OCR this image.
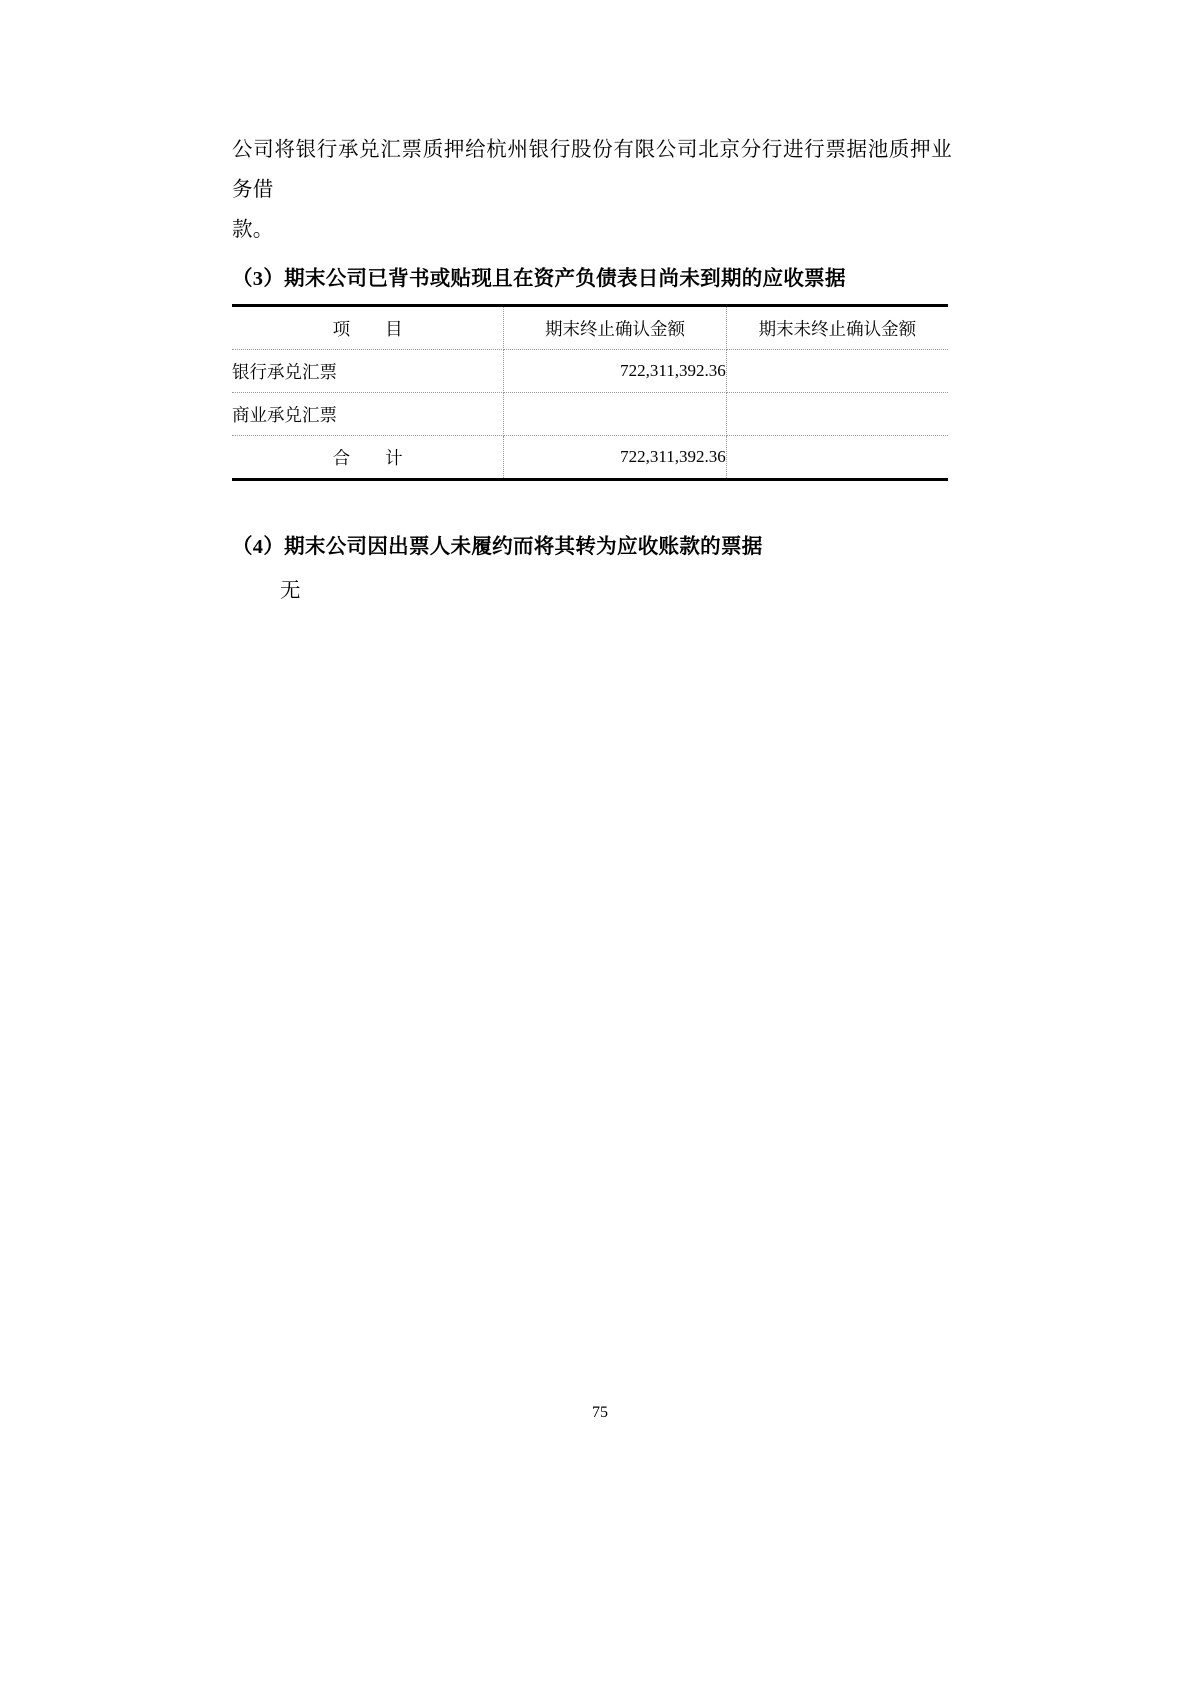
公司将银行承兑汇票质押给杭州银行股份有限公司北京分行进行票据池质押业务借
款。
（3）期末公司已背书或贴现且在资产负债表日尚未到期的应收票据
项　　目	期末终止确认金额	期末未终止确认金额
银行承兑汇票	722,311,392.36	
商业承兑汇票		
合　　计	722,311,392.36	
（4）期末公司因出票人未履约而将其转为应收账款的票据
无
75
